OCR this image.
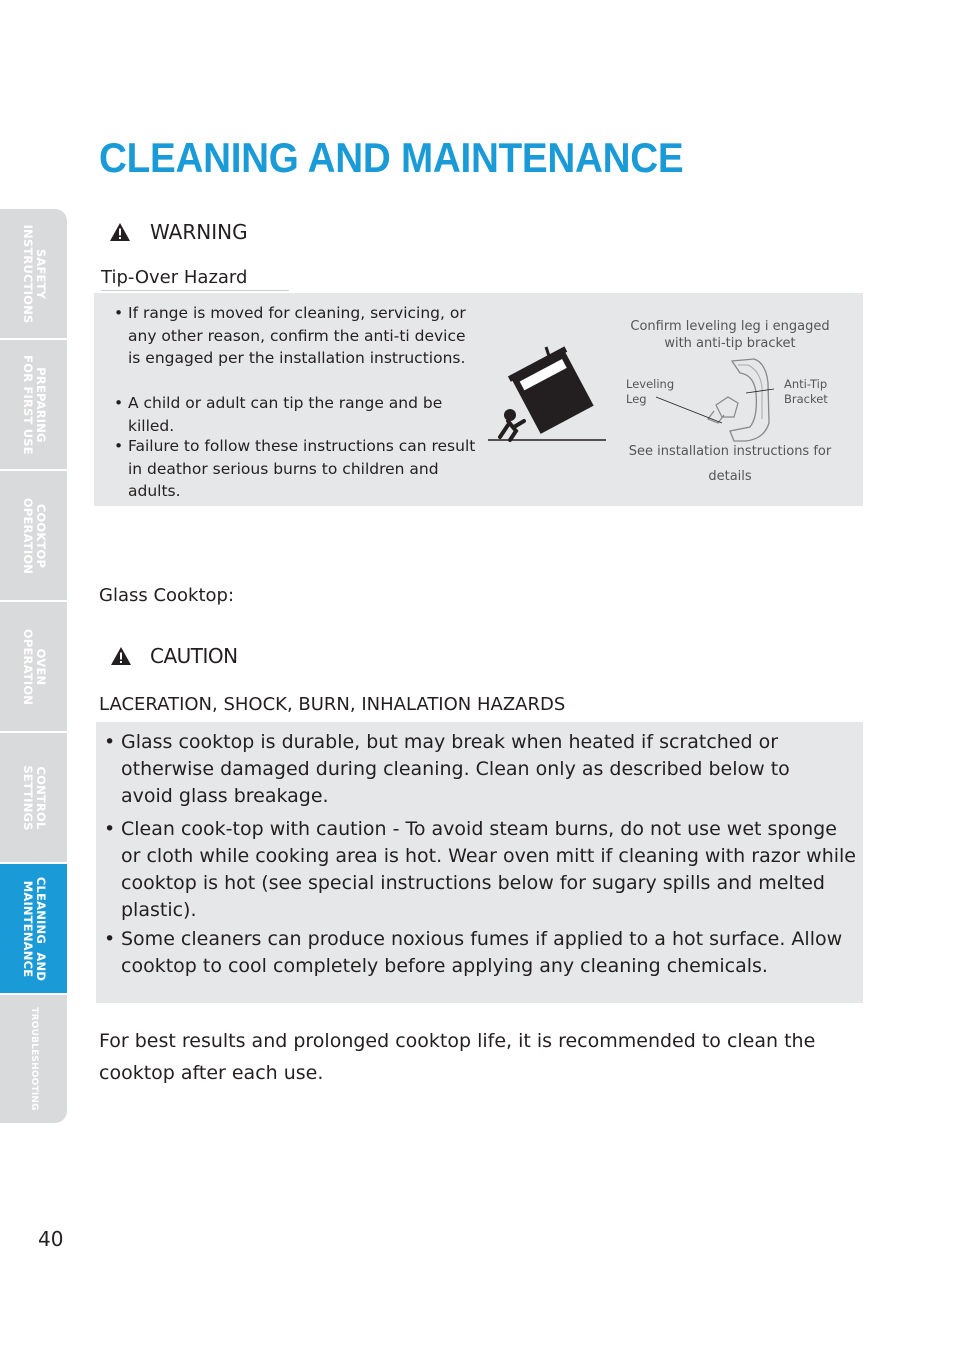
SAFETY
INSTRUCTIONS
PREPARING
FOR FIRST USE
COOKTOP
OPERATION
OVEN
OPERATION
CONTROL
SETTINGS
CLEANING  AND
MAINTENANCE
TROUBLESHOOTING
CLEANING AND MAINTENANCE
WARNING
Tip-Over Hazard
• If range is moved for cleaning, servicing, or any other reason, confirm the anti-ti device is engaged per the installation instructions.
• A child or adult can tip the range and be killed.
• Failure to follow these instructions can result in deathor serious burns to children and adults.
Confirm leveling leg i engaged with anti-tip bracket
Leveling Leg
Anti-Tip Bracket
See installation instructions for details
Glass Cooktop:
CAUTION
LACERATION, SHOCK, BURN, INHALATION HAZARDS
• Glass cooktop is durable, but may break when heated if scratched or otherwise damaged during cleaning. Clean only as described below to avoid glass breakage.
• Clean cook-top with caution - To avoid steam burns, do not use wet sponge or cloth while cooking area is hot. Wear oven mitt if cleaning with razor while cooktop is hot (see special instructions below for sugary spills and melted plastic).
• Some cleaners can produce noxious fumes if applied to a hot surface. Allow cooktop to cool completely before applying any cleaning chemicals.
For best results and prolonged cooktop life, it is recommended to clean the cooktop after each use.
40
